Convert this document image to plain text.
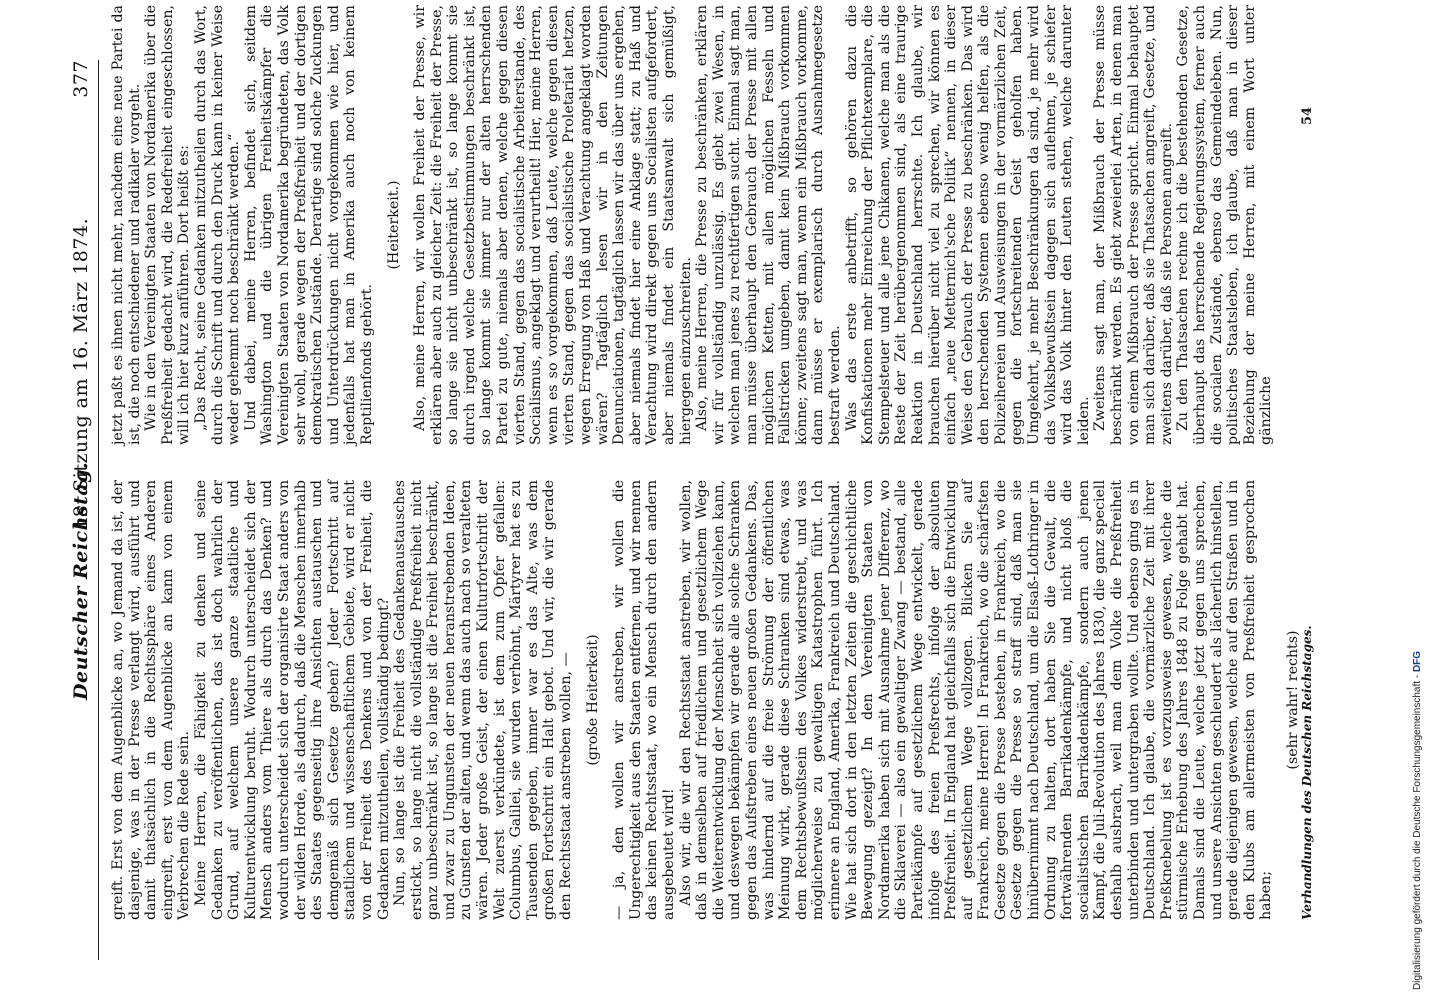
Deutscher Reichstag.
18. Sitzung am 16. März 1874.
377

greift. Erst von dem Augenblicke an, wo Jemand da ist, der dasjenige, was in der Presse verlangt wird, ausführt und damit thatsächlich in die Rechtssphäre eines Anderen eingreift, erst von dem Augenblicke an kann von einem Verbrechen die Rede sein. Meine Herren, die Fähigkeit zu denken und seine Gedanken zu veröffentlichen, das ist doch wahrlich der Grund, auf welchem unsere ganze staatliche und Kulturentwicklung beruht. Wodurch unterscheidet sich der Mensch anders vom Thiere als durch das Denken? und wodurch unterscheidet sich der organisirte Staat anders von der wilden Horde, als dadurch, daß die Menschen innerhalb des Staates gegenseitig ihre Ansichten austauschen und demgemäß sich Gesetze geben? Jeder Fortschritt auf staatlichem und wissenschaftlichem Gebiete, wird er nicht von der Freiheit des Denkens und von der Freiheit, die Gedanken mitzutheilen, vollständig bedingt? Nun, so lange ist die Freiheit des Gedankenaustausches erstickt, so lange nicht die vollständige Preßfreiheit nicht ganz unbeschränkt ist, so lange ist die Freiheit beschränkt, und zwar zu Ungunsten der neuen heranstrebenden Ideen, zu Gunsten der alten, und wenn das auch nach so veralteten wären. Jeder große Geist, der einen Kulturfortschritt der Welt zuerst verkündete, ist dem zum Opfer gefallen: Columbus, Galilei, sie wurden verhöhnt, Märtyrer hat es zu Tausenden gegeben, immer war es das Alte, was dem großen Fortschritt ein Halt gebot. Und wir, die wir gerade den Rechtsstaat anstreben wollen, — (große Heiterkeit) — ja, den wollen wir anstreben, wir wollen die Ungerechtigkeit aus den Staaten entfernen, und wir nennen das keinen Rechtsstaat, wo ein Mensch durch den andern ausgebeutet wird! Also wir, die wir den Rechtsstaat anstreben, wir wollen, daß in demselben auf friedlichem und gesetzlichem Wege die Weiterentwicklung der Menschheit sich vollziehen kann, und deswegen bekämpfen wir gerade alle solche Schranken gegen das Aufstreben eines neuen großen Gedankens. Das, was hindernd auf die freie Strömung der öffentlichen Meinung wirkt, gerade diese Schranken sind etwas, was dem Rechtsbewußtsein des Volkes widerstrebt, und was möglicherweise zu gewaltigen Katastrophen führt. Ich erinnere an England, Amerika, Frankreich und Deutschland. Wie hat sich dort in den letzten Zeiten die geschichtliche Bewegung gezeigt? In den Vereinigten Staaten von Nordamerika haben sich mit Ausnahme jener Differenz, wo die Sklaverei — also ein gewaltiger Zwang — bestand, alle Parteikämpfe auf gesetzlichem Wege entwickelt, gerade infolge des freien Preßrechts, infolge der absoluten Preßfreiheit. In England hat gleichfalls sich die Entwicklung auf gesetzlichem Wege vollzogen. Blicken Sie auf Frankreich, meine Herren! In Frankreich, wo die schärfsten Gesetze gegen die Presse bestehen, in Frankreich, wo die Gesetze gegen die Presse so straff sind, daß man sie hinübernimmt nach Deutschland, um die Elsaß-Lothringer in Ordnung zu halten, dort haben Sie die Gewalt, die fortwährenden Barrikadenkämpfe, und nicht bloß die socialistischen Barrikadenkämpfe, sondern auch jenen Kampf, die Juli-Revolution des Jahres 1830, die ganz speciell deshalb ausbrach, weil man dem Volke die Preßfreiheit unterbinden und untergraben wollte. Und ebenso ging es in Deutschland. Ich glaube, die vormärzliche Zeit mit ihrer Preßknebelung ist es vorzugsweise gewesen, welche die stürmische Erhebung des Jahres 1848 zu Folge gehabt hat. Damals sind die Leute, welche jetzt gegen uns sprechen, und unsere Ansichten geschleudert als lächerlich hinstellen, gerade diejenigen gewesen, welche auf den Straßen und in den Klubs am allermeisten von Preßfreiheit gesprochen haben;

(sehr wahr! rechts)

jetzt paßt es ihnen nicht mehr, nachdem eine neue Partei da ist, die noch entschiedener und radikaler vorgeht. Wie in den Vereinigten Staaten von Nordamerika über die Preßfreiheit gedacht wird, die Redefreiheit eingeschlossen, will ich hier kurz anführen. Dort heißt es: „Das Recht, seine Gedanken mitzutheilen durch das Wort, durch die Schrift und durch den Druck kann in keiner Weise weder gehemmt noch beschränkt werden.“ Und dabei, meine Herren, befindet sich, seitdem Washington und die übrigen Freiheitskämpfer die Vereinigten Staaten von Nordamerika begründeten, das Volk sehr wohl, gerade wegen der Preßfreiheit und der dortigen demokratischen Zustände. Derartige sind solche Zuckungen und Unterdrückungen nicht vorgekommen wie hier, und jedenfalls hat man in Amerika auch noch von keinem Reptilienfonds gehört.

(Heiterkeit.) Also, meine Herren, wir wollen Freiheit der Presse, wir erklären aber auch zu gleicher Zeit: die Freiheit der Presse, so lange sie nicht unbeschränkt ist, so lange kommt sie durch irgend welche Gesetzbestimmungen beschränkt ist, so lange kommt sie immer nur der alten herrschenden Partei zu gute, niemals aber denen, welche gegen diesen vierten Stand, gegen das socialistische Arbeiterstande, des Socialismus, angeklagt und verurtheilt! Hier, meine Herren, wenn es so vorgekommen, daß Leute, welche gegen diesen vierten Stand, gegen das socialistische Proletariat hetzen, wegen Erregung von Haß und Verachtung angeklagt worden wären? Tagtäglich lesen wir in den Zeitungen Denunciationen, tagtäglich lassen wir das über uns ergehen, aber niemals findet hier eine Anklage statt; zu Haß und Verachtung wird direkt gegen uns Socialisten aufgefordert, aber niemals findet ein Staatsanwalt sich gemüßigt, hiergegen einzuschreiten. Also, meine Herren, die Presse zu beschränken, erklären wir für vollständig unzulässig. Es giebt zwei Wesen, in welchen man jenes zu rechtfertigen sucht. Einmal sagt man, man müsse überhaupt den Gebrauch der Presse mit allen möglichen Ketten, mit allen möglichen Fesseln und Fallstricken umgeben, damit kein Mißbrauch vorkommen könne; zweitens sagt man, wenn ein Mißbrauch vorkomme, dann müsse er exemplarisch durch Ausnahmegesetze bestraft werden. Was das erste anbetrifft, so gehören dazu die Konfiskationen mehr Einreichung der Pflichtexemplare, die Stempelsteuer und alle jene Chikanen, welche man als die Reste der Zeit herübergenommen sind, als eine traurige Reaktion in Deutschland herrschte. Ich glaube, wir brauchen hierüber nicht viel zu sprechen, wir können es einfach „neue Metternich'sche Politik“ nennen, in dieser Weise den Gebrauch der Presse zu beschränken. Das wird den herrschenden Systemen ebenso wenig helfen, als die Polizeihereien und Ausweisungen in der vormärzlichen Zeit, gegen die fortschreitenden Geist geholfen haben. Umgekehrt, je mehr Beschränkungen da sind, je mehr wird das Volksbewußtsein dagegen sich auflehnen, je schiefer wird das Volk hinter den Leuten stehen, welche darunter leiden. Zweitens sagt man, der Mißbrauch der Presse müsse beschränkt werden. Es giebt zweierlei Arten, in denen man von einem Mißbrauch der Presse spricht. Einmal behauptet man sich darüber, daß sie Thatsachen angreift, Gesetze, und zweitens darüber, daß sie Personen angreift. Zu den Thatsachen rechne ich die bestehenden Gesetze, überhaupt das herrschende Regierungssystem, ferner auch die socialen Zustände, ebenso das Gemeindeleben. Nun, politisches Staatsleben, ich glaube, daß man in dieser Beziehung der meine Herren, mit einem Wort unter gänzliche

Verhandlungen des Deutschen Reichstages.
54
Digitalisierung gefördert durch die Deutsche Forschungsgemeinschaft - DFG
